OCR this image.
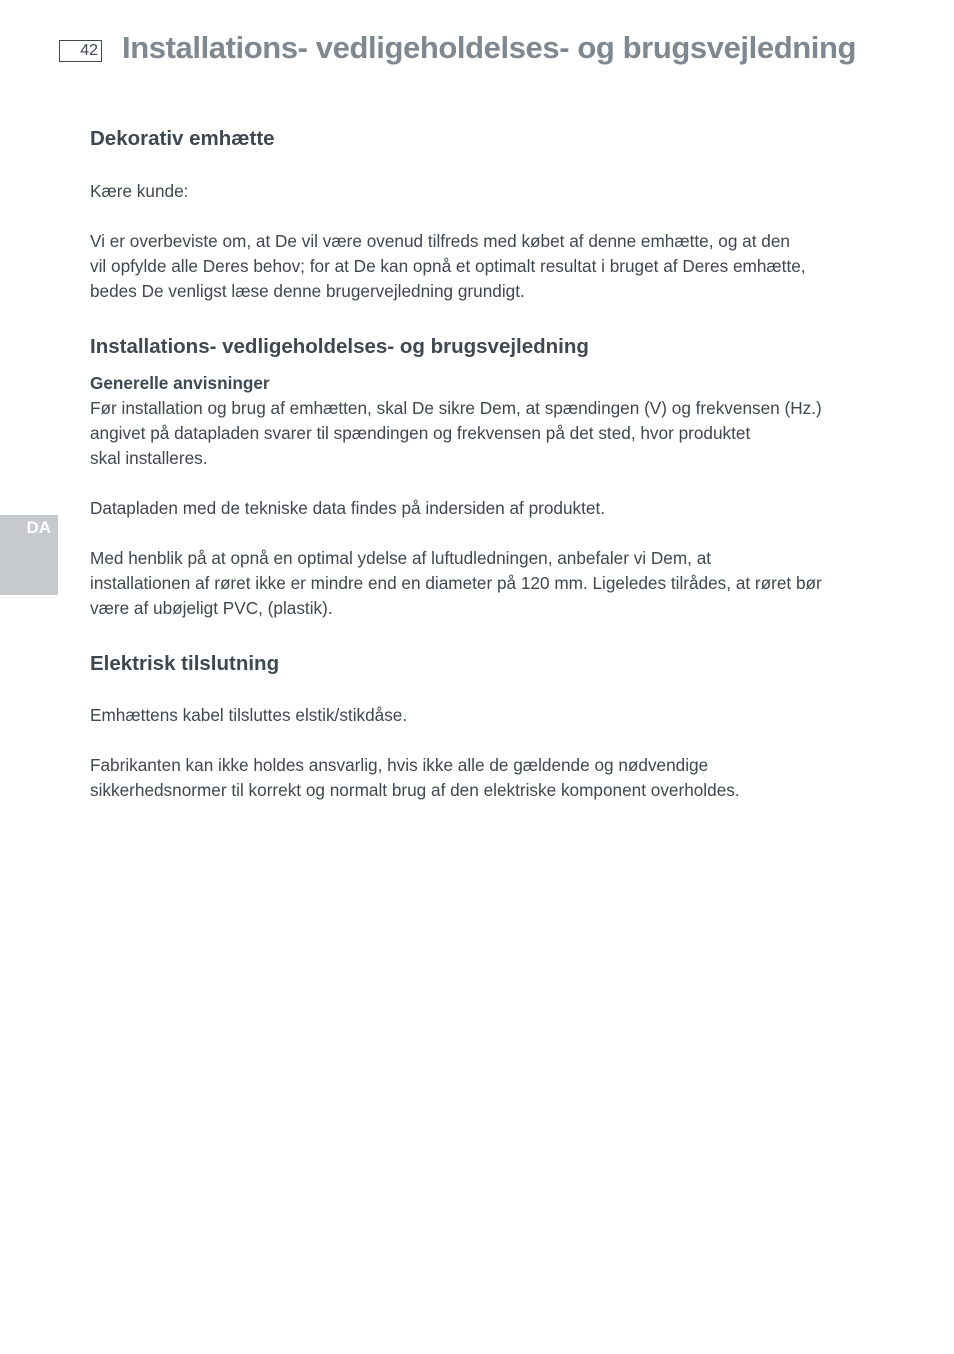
42 Installations- vedligeholdelses- og brugsvejledning
DA
Dekorativ emhætte

Kære kunde:

Vi er overbeviste om, at De vil være ovenud tilfreds med købet af denne emhætte, og at den
vil opfylde alle Deres behov; for at De kan opnå et optimalt resultat i bruget af Deres emhætte,
bedes De venligst læse denne brugervejledning grundigt.

Installations- vedligeholdelses- og brugsvejledning
Generelle anvisninger

Før installation og brug af emhætten, skal De sikre Dem, at spændingen (V) og frekvensen (Hz.)
angivet på datapladen svarer til spændingen og frekvensen på det sted, hvor produktet
skal installeres.

Datapladen med de tekniske data findes på indersiden af produktet.

Med henblik på at opnå en optimal ydelse af luftudledningen, anbefaler vi Dem, at
installationen af røret ikke er mindre end en diameter på 120 mm. Ligeledes tilrådes, at røret bør
være af ubøjeligt PVC, (plastik).

Elektrisk tilslutning

Emhættens kabel tilsluttes elstik/stikdåse.

Fabrikanten kan ikke holdes ansvarlig, hvis ikke alle de gældende og nødvendige
sikkerhedsnormer til korrekt og normalt brug af den elektriske komponent overholdes.
